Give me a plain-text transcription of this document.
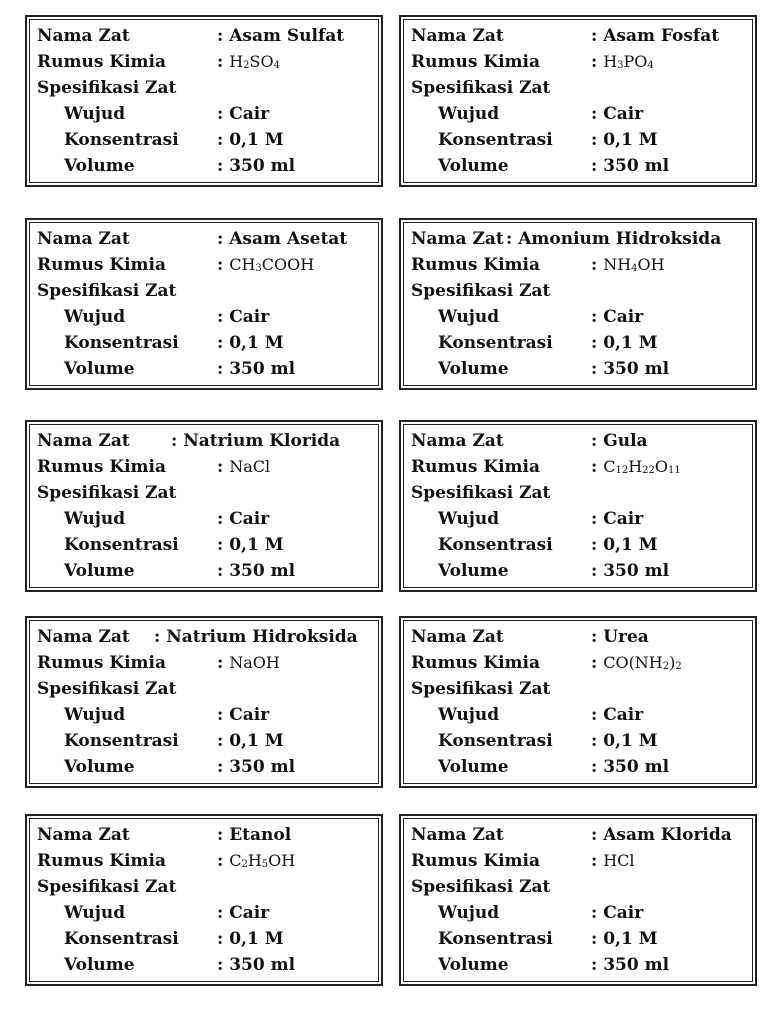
Nama Zat	: Asam Sulfat
Rumus Kimia	: $H_2SO_4$
Spesifikasi Zat
Wujud	: Cair
Konsentrasi : 0,1 M
Volume	: 350 ml
Nama Zat	: Asam Fosfat
Rumus Kimia	: $H_3PO_4$
Spesifikasi Zat
Wujud	: Cair
Konsentrasi : 0,1 M
Volume	: 350 ml
Nama Zat	: Asam Asetat
Rumus Kimia	: $CH_3COOH$
Spesifikasi Zat
Wujud	: Cair
Konsentrasi : 0,1 M
Volume	: 350 ml
Nama Zat : Amonium Hidroksida
Rumus Kimia	: $NH_4OH$
Spesifikasi Zat
Wujud	: Cair
Konsentrasi : 0,1 M
Volume	: 350 ml
Nama Zat : Natrium Klorida
Rumus Kimia	: NaCl
Spesifikasi Zat
Wujud	: Cair
Konsentrasi : 0,1 M
Volume	: 350 ml
Nama Zat	: Gula
Rumus Kimia	: $C_{12}H_{22}O_{11}$
Spesifikasi Zat
Wujud	: Cair
Konsentrasi : 0,1 M
Volume	: 350 ml
Nama Zat : Natrium Hidroksida
Rumus Kimia	: NaOH
Spesifikasi Zat
Wujud	: Cair
Konsentrasi : 0,1 M
Volume	: 350 ml
Nama Zat	: Urea
Rumus Kimia	: $CO(NH_2)_2$
Spesifikasi Zat
Wujud	: Cair
Konsentrasi : 0,1 M
Volume	: 350 ml
Nama Zat	: Etanol
Rumus Kimia	: $C_2H_5OH$
Spesifikasi Zat
Wujud	: Cair
Konsentrasi : 0,1 M
Volume	: 350 ml
Nama Zat	: Asam Klorida
Rumus Kimia	: HCl
Spesifikasi Zat
Wujud	: Cair
Konsentrasi : 0,1 M
Volume	: 350 ml
